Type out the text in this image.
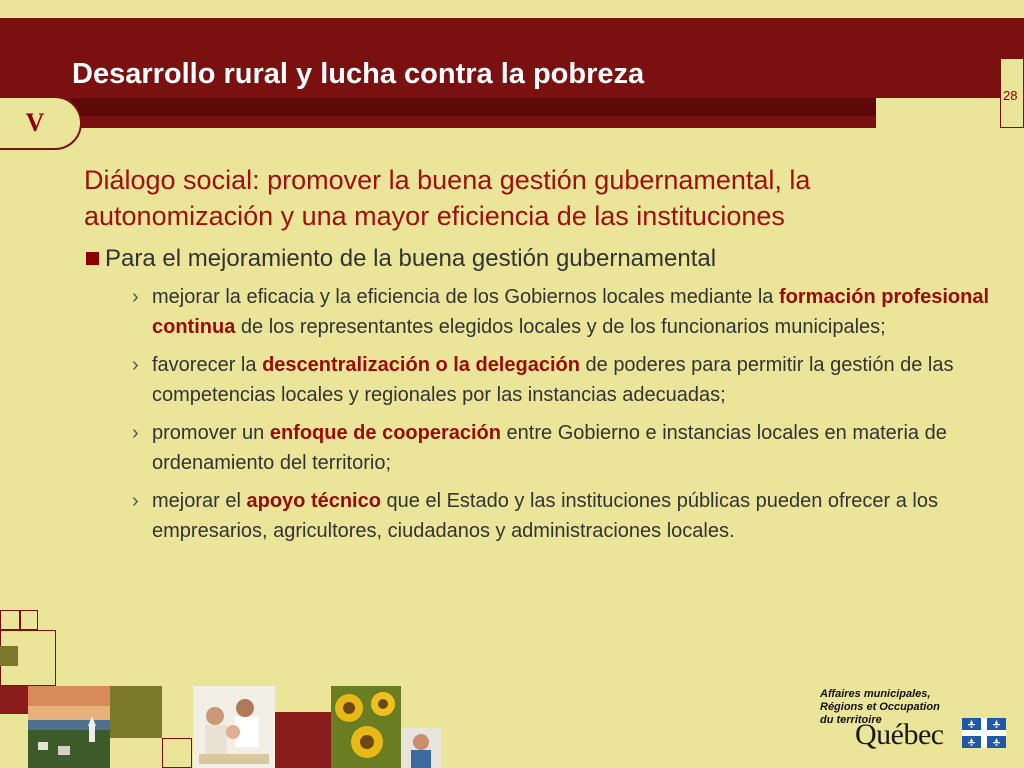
Desarrollo rural y lucha contra la pobreza
28
V
Diálogo social: promover la buena gestión gubernamental, la autonomización y una mayor eficiencia de las instituciones
Para el mejoramiento de la buena gestión gubernamental
› mejorar la eficacia y la eficiencia de los Gobiernos locales mediante la formación profesional continua de los representantes elegidos locales y de los funcionarios municipales;
› favorecer la descentralización o la delegación de poderes para permitir la gestión de las competencias locales y regionales por las instancias adecuadas;
› promover un enfoque de cooperación entre Gobierno e instancias locales en materia de ordenamiento del territorio;
› mejorar el apoyo técnico que el Estado y las instituciones públicas pueden ofrecer a los empresarios, agricultores, ciudadanos y administraciones locales.
Affaires municipales,
Régions et Occupation
du territoire
Québec
